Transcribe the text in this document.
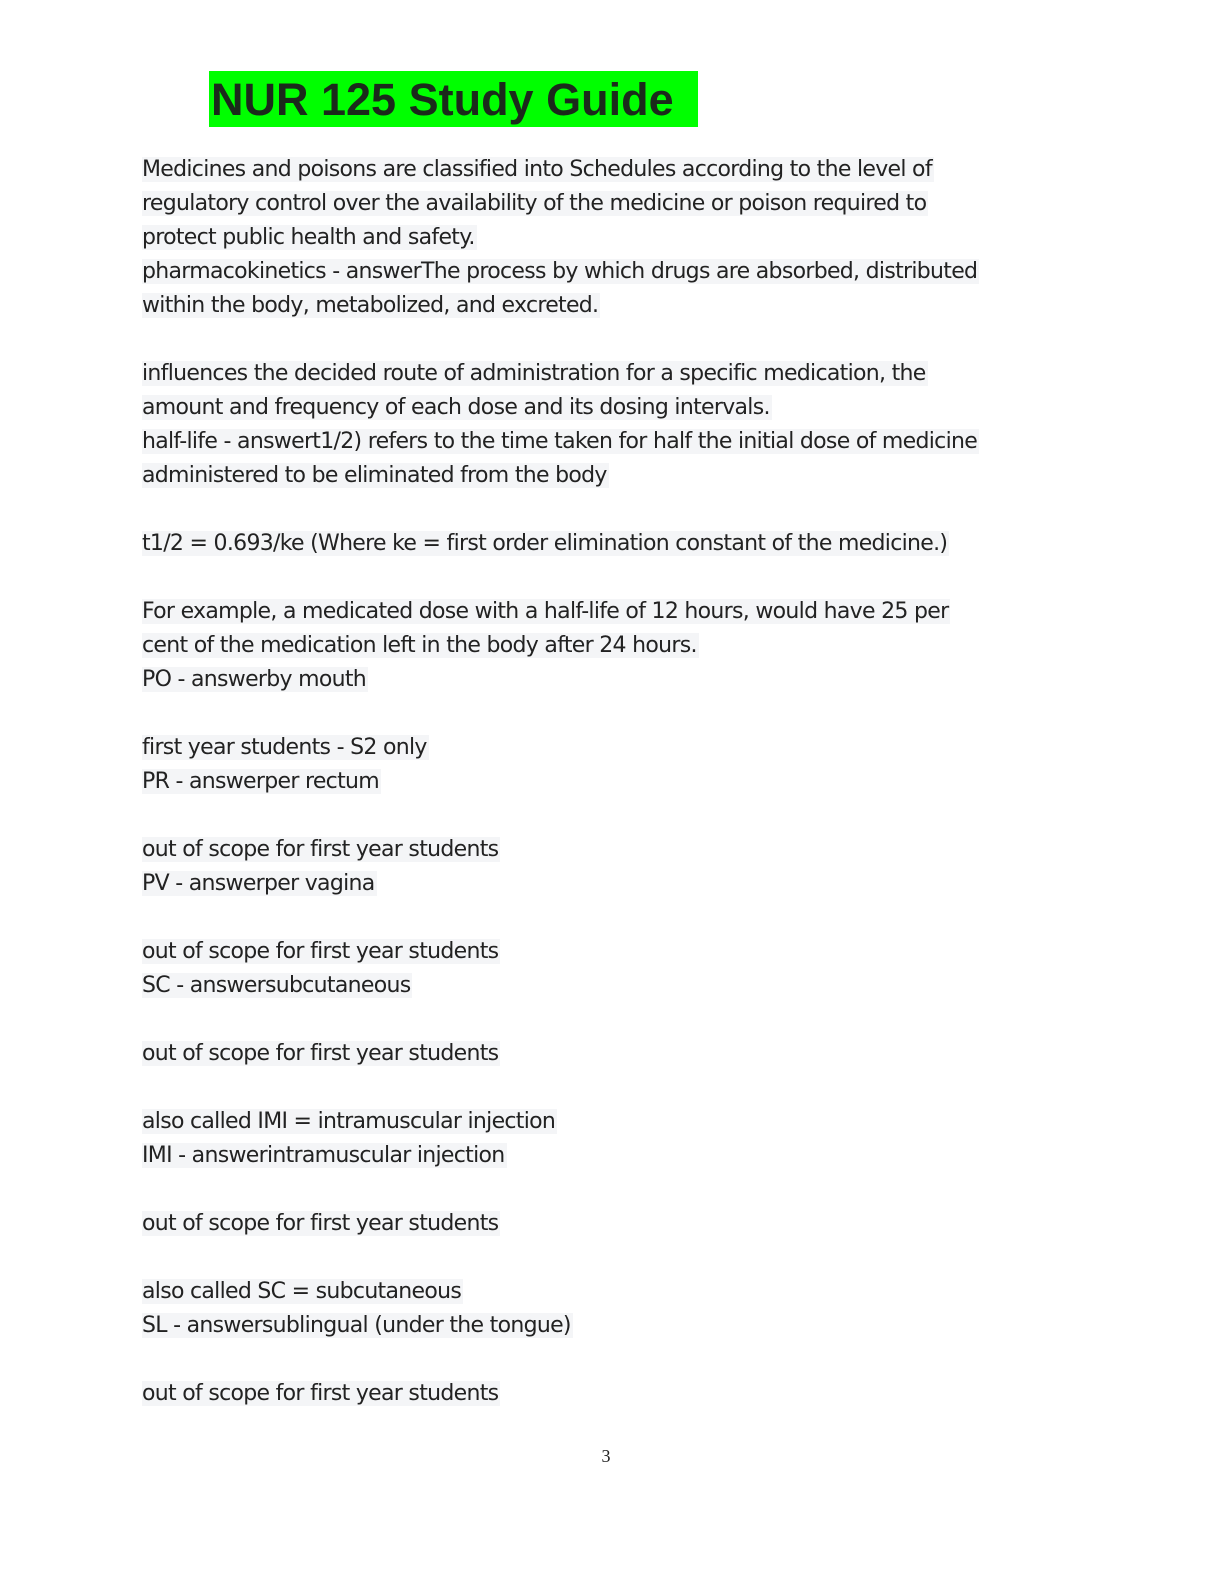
NUR 125 Study Guide
Medicines and poisons are classified into Schedules according to the level of
regulatory control over the availability of the medicine or poison required to
protect public health and safety.
pharmacokinetics - answerThe process by which drugs are absorbed, distributed
within the body, metabolized, and excreted.
influences the decided route of administration for a specific medication, the
amount and frequency of each dose and its dosing intervals.
half-life - answert1/2) refers to the time taken for half the initial dose of medicine
administered to be eliminated from the body
t1/2 = 0.693/ke (Where ke = first order elimination constant of the medicine.)
For example, a medicated dose with a half-life of 12 hours, would have 25 per
cent of the medication left in the body after 24 hours.
PO - answerby mouth
first year students - S2 only
PR - answerper rectum
out of scope for first year students
PV - answerper vagina
out of scope for first year students
SC - answersubcutaneous
out of scope for first year students
also called IMI = intramuscular injection
IMI - answerintramuscular injection
out of scope for first year students
also called SC = subcutaneous
SL - answersublingual (under the tongue)
out of scope for first year students
3
